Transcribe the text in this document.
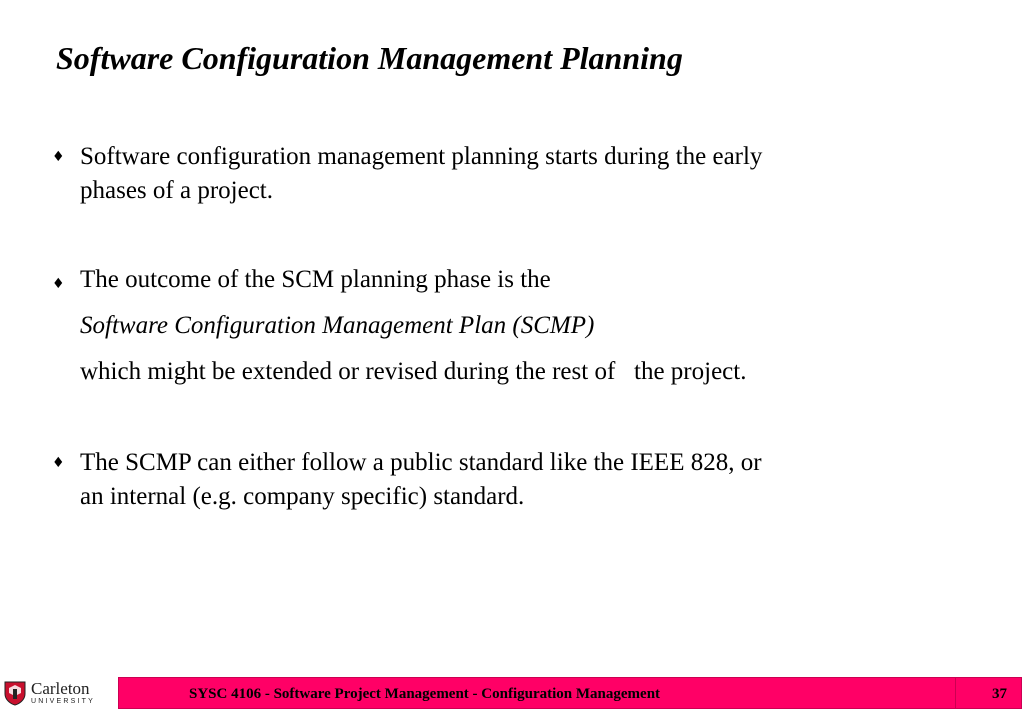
Software Configuration Management Planning
♦ Software configuration management planning starts during the early
phases of a project.
♦ The outcome of the SCM planning phase is the
Software Configuration Management Plan (SCMP)
which might be extended or revised during the rest of   the project.
♦ The SCMP can either follow a public standard like the IEEE 828, or
an internal (e.g. company specific) standard.
Carleton
UNIVERSITY	SYSC 4106 - Software Project Management - Configuration Management	37
